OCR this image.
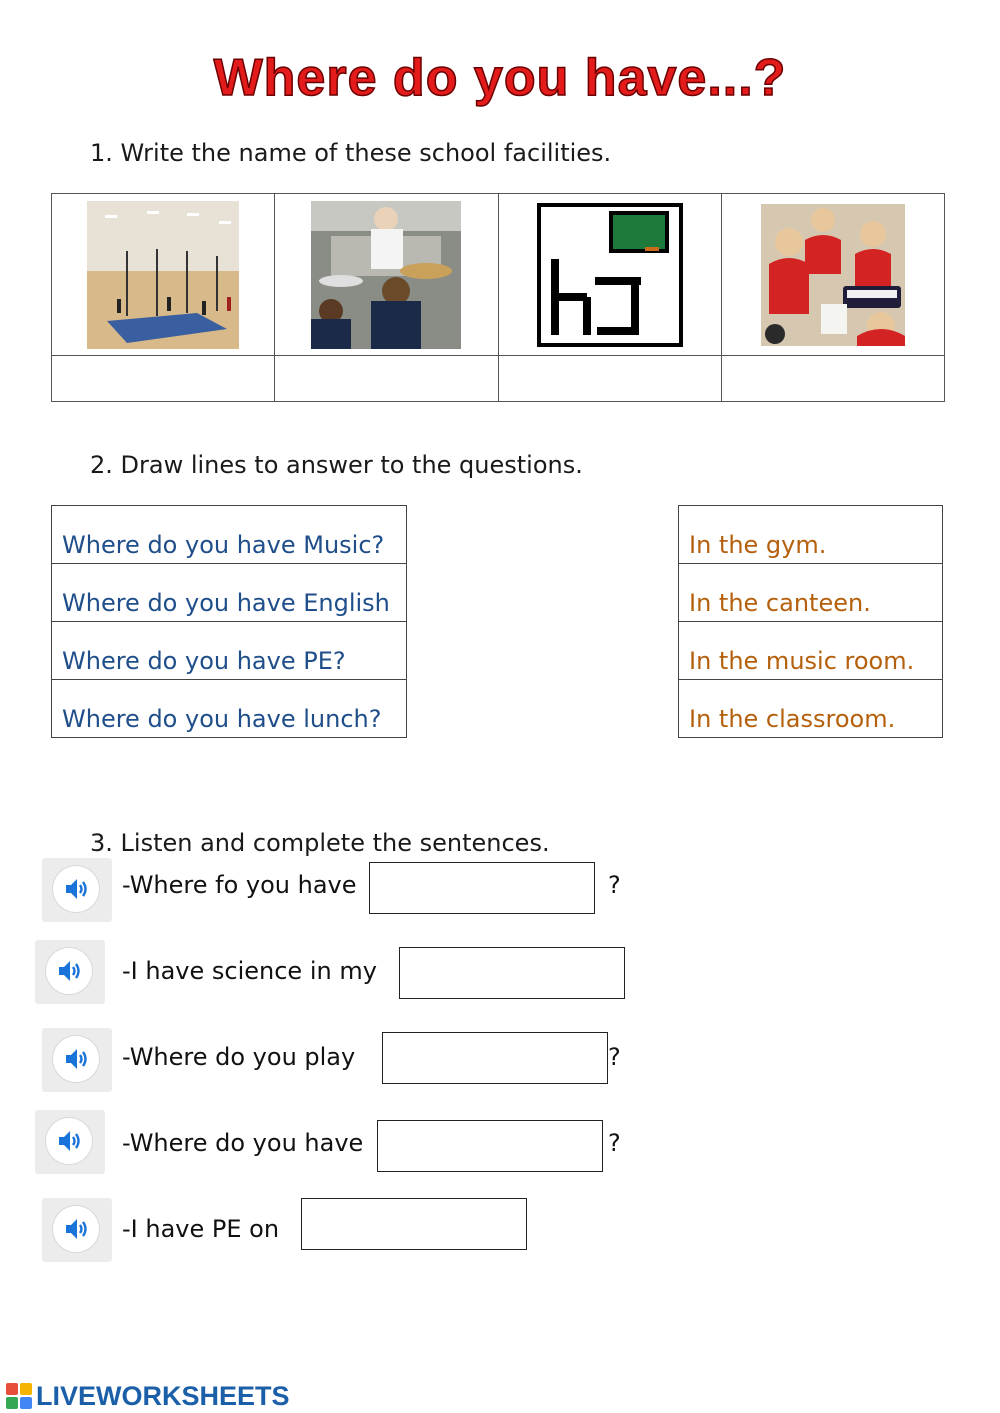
Where do you have...?
1. Write the name of these school facilities.

2. Draw lines to answer to the questions.
Where do you have Music?
Where do you have English
Where do you have PE?
Where do you have lunch?
In the gym.
In the canteen.
In the music room.
In the classroom.
3. Listen and complete the sentences.
-Where fo you have	?
-I have science in my
-Where do you play	?
-Where do you have	?
-I have PE on
LIVEWORKSHEETS
